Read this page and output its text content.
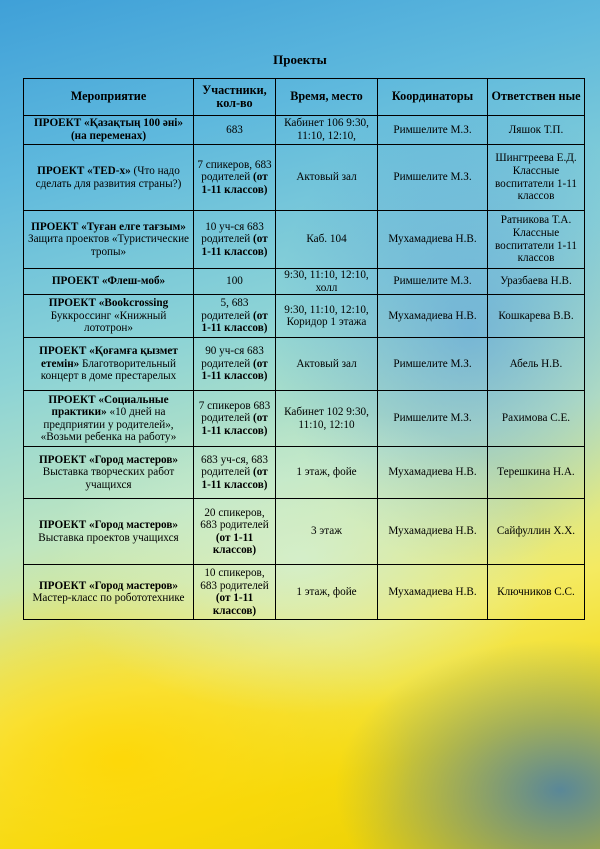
Проекты
Мероприятие	Участники, кол-во	Время, место	Координаторы	Ответствен ные
ПРОЕКТ «Қазақтың 100 әні» (на переменах)	683	Кабинет 106 9:30, 11:10, 12:10,	Римшелите М.З.	Ляшок Т.П.
ПРОЕКТ «TED-x» (Что надо сделать для развития страны?)	7 спикеров, 683 родителей (от 1-11 классов)	Актовый зал	Римшелите М.З.	Шингтреева Е.Д. Классные воспитатели 1-11 классов
ПРОЕКТ «Туған елге тағзым» Защита проектов «Туристические тропы»	10 уч-ся 683 родителей (от 1-11 классов)	Каб. 104	Мухамадиева Н.В.	Ратникова Т.А. Классные воспитатели 1-11 классов
ПРОЕКТ «Флеш-моб»	100	9:30, 11:10, 12:10, холл	Римшелите М.З.	Уразбаева Н.В.
ПРОЕКТ «Bookcrossing Буккроссинг «Книжный лототрон»	5, 683 родителей (от 1-11 классов)	9:30, 11:10, 12:10, Коридор 1 этажа	Мухамадиева Н.В.	Кошкарева В.В.
ПРОЕКТ «Қоғамға қызмет етемін» Благотворительный концерт в доме престарелых	90 уч-ся 683 родителей (от 1-11 классов)	Актовый зал	Римшелите М.З.	Абель Н.В.
ПРОЕКТ «Социальные практики» «10 дней на предприятии у родителей», «Возьми ребенка на работу»	7 спикеров 683 родителей (от 1-11 классов)	Кабинет 102 9:30, 11:10, 12:10	Римшелите М.З.	Рахимова С.Е.
ПРОЕКТ «Город мастеров» Выставка творческих работ учащихся	683 уч-ся, 683 родителей (от 1-11 классов)	1 этаж, фойе	Мухамадиева Н.В.	Терешкина Н.А.
ПРОЕКТ «Город мастеров» Выставка проектов учащихся	20 спикеров, 683 родителей (от 1-11 классов)	3 этаж	Мухамадиева Н.В.	Сайфуллин Х.Х.
ПРОЕКТ «Город мастеров» Мастер-класс по робототехнике	10 спикеров, 683 родителей (от 1-11 классов)	1 этаж, фойе	Мухамадиева Н.В.	Ключников С.С.
